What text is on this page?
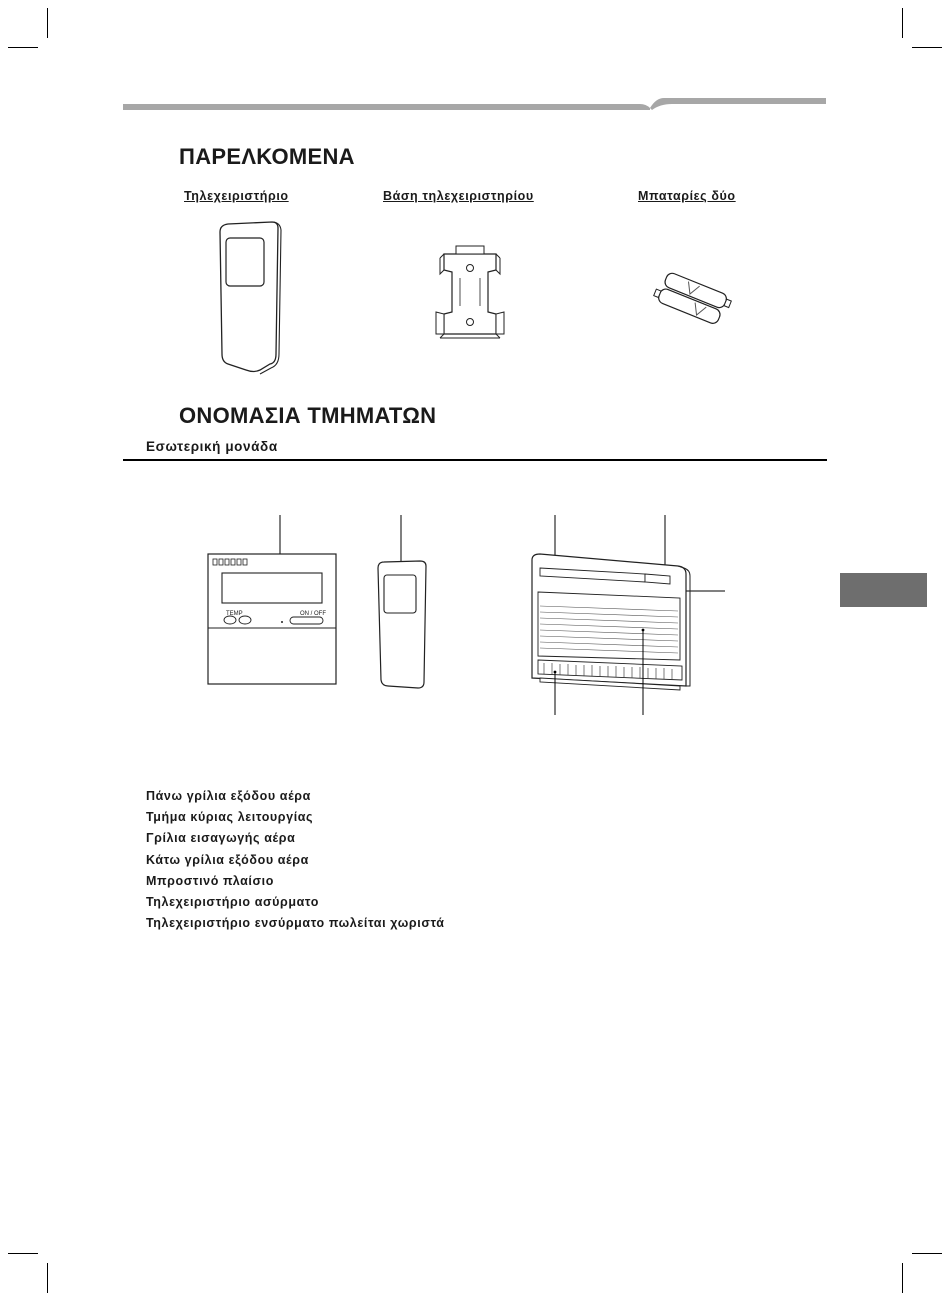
ΠΑΡΕΛΚΟΜΕΝΑ
Τηλεχειριστήριο	Βάση τηλεχειριστηρίου	Μπαταρίες δύο
ΟΝΟΜΑΣΙΑ ΤΜΗΜΑΤΩΝ
Εσωτερική μονάδα
TEMP	ON / OFF
Πάνω γρίλια εξόδου αέρα
Τμήμα κύριας λειτουργίας
Γρίλια εισαγωγής αέρα
Κάτω γρίλια εξόδου αέρα
Μπροστινό πλαίσιο
Τηλεχειριστήριο ασύρματο
Τηλεχειριστήριο ενσύρματο πωλείται χωριστά
